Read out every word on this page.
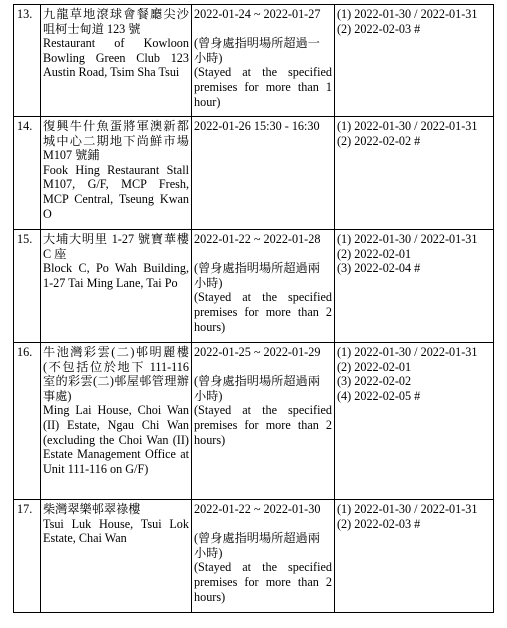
13.	九龍草地滾球會餐廳尖沙咀柯士甸道 123 號
Restaurant of Kowloon Bowling Green Club 123 Austin Road, Tsim Sha Tsui	2022-01-24 ~ 2022-01-27
(曾身處指明場所超過一小時)
(Stayed at the specified premises for more than 1 hour)	(1) 2022-01-30 / 2022-01-31
(2) 2022-02-03 #

14.	復興牛什魚蛋將軍澳新都城中心二期地下尚鮮市場 M107 號鋪
Fook Hing Restaurant Stall M107, G/F, MCP Fresh, MCP Central, Tseung Kwan O	2022-01-26 15:30 - 16:30	(1) 2022-01-30 / 2022-01-31
(2) 2022-02-02 #

15.	大埔大明里 1-27 號寶華樓 C 座
Block C, Po Wah Building, 1-27 Tai Ming Lane, Tai Po	2022-01-22 ~ 2022-01-28
(曾身處指明場所超過兩小時)
(Stayed at the specified premises for more than 2 hours)	(1) 2022-01-30 / 2022-01-31
(2) 2022-02-01
(3) 2022-02-04 #

16.	牛池灣彩雲(二)邨明麗樓(不包括位於地下 111-116 室的彩雲(二)邨屋邨管理辦事處)
Ming Lai House, Choi Wan (II) Estate, Ngau Chi Wan (excluding the Choi Wan (II) Estate Management Office at Unit 111-116 on G/F)	2022-01-25 ~ 2022-01-29
(曾身處指明場所超過兩小時)
(Stayed at the specified premises for more than 2 hours)	(1) 2022-01-30 / 2022-01-31
(2) 2022-02-01
(3) 2022-02-02
(4) 2022-02-05 #

17.	柴灣翠樂邨翠祿樓
Tsui Luk House, Tsui Lok Estate, Chai Wan	2022-01-22 ~ 2022-01-30
(曾身處指明場所超過兩小時)
(Stayed at the specified premises for more than 2 hours)	(1) 2022-01-30 / 2022-01-31
(2) 2022-02-03 #
